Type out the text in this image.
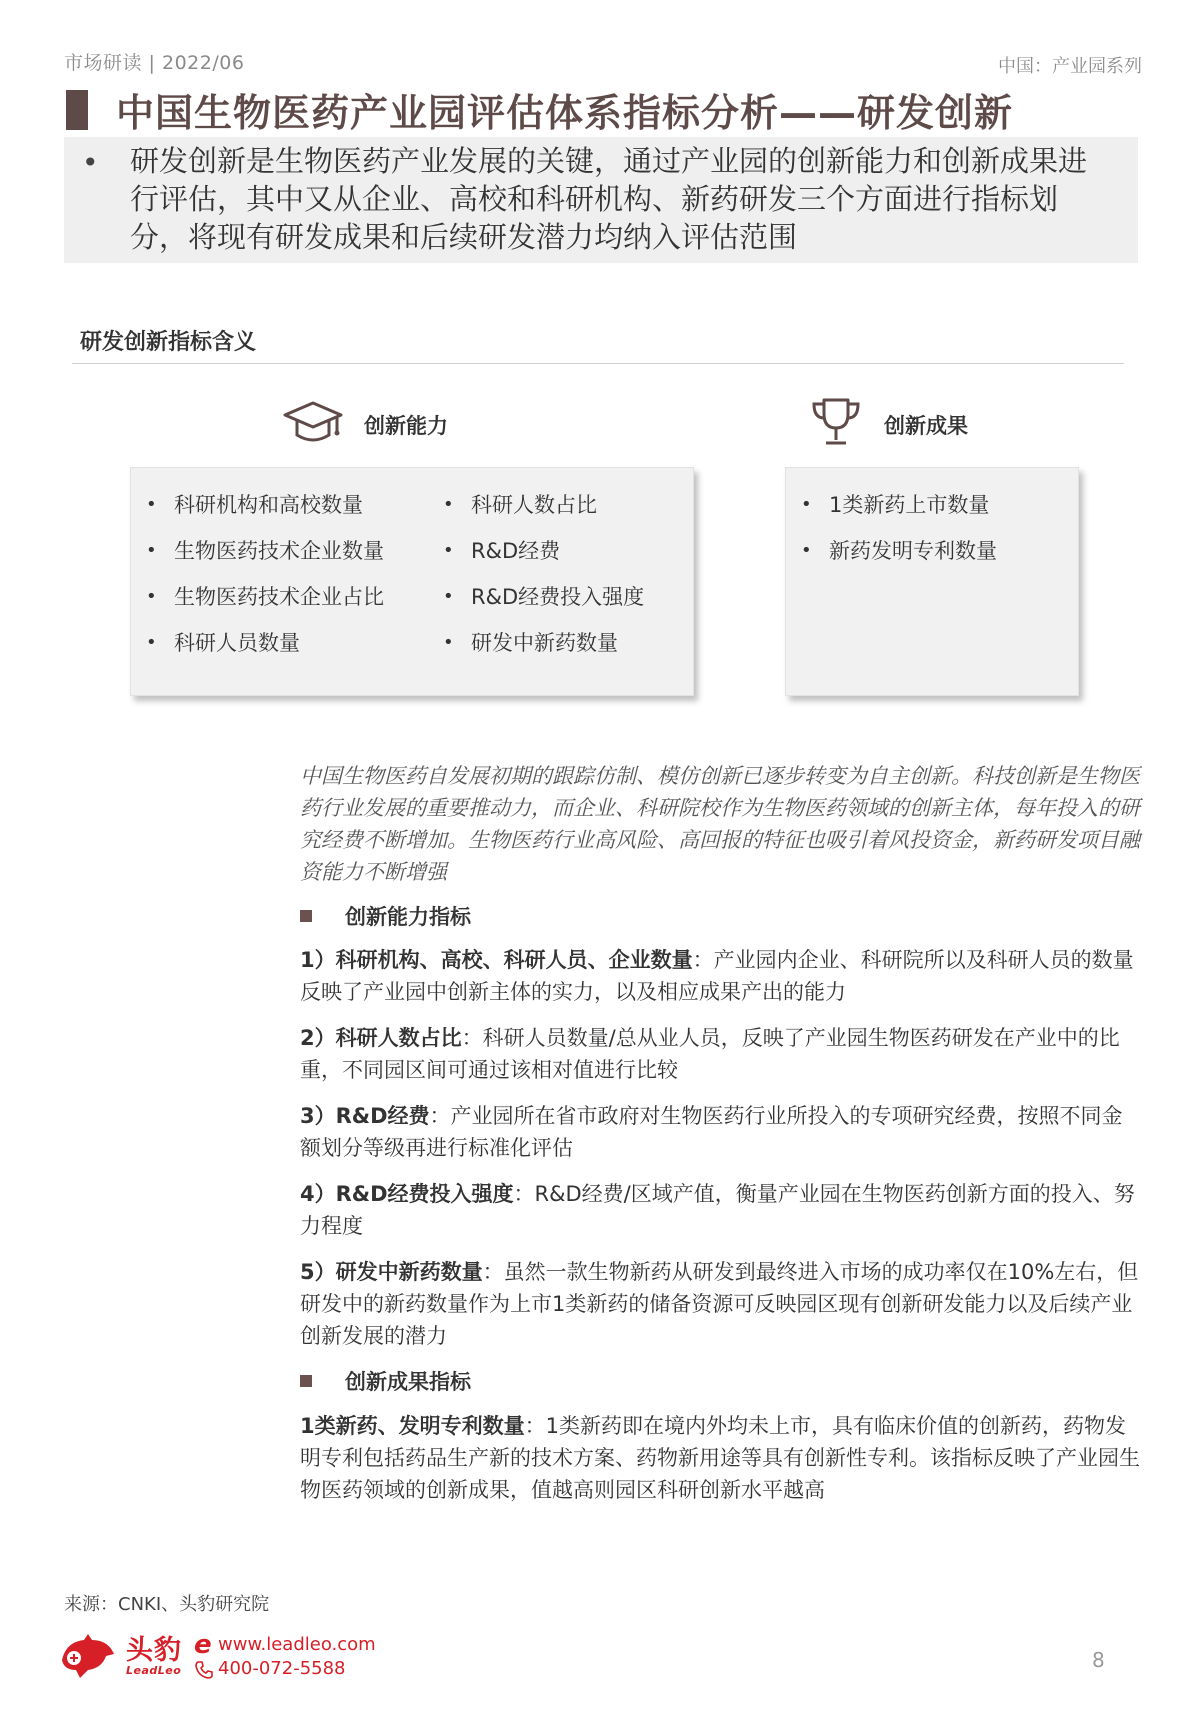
市场研读 | 2022/06	中国：产业园系列
中国生物医药产业园评估体系指标分析——研发创新
• 研发创新是生物医药产业发展的关键，通过产业园的创新能力和创新成果进行评估，其中又从企业、高校和科研机构、新药研发三个方面进行指标划分，将现有研发成果和后续研发潜力均纳入评估范围
研发创新指标含义
创新能力	创新成果
• 科研机构和高校数量
• 生物医药技术企业数量
• 生物医药技术企业占比
• 科研人员数量
• 科研人数占比
• R&D经费
• R&D经费投入强度
• 研发中新药数量
• 1类新药上市数量
• 新药发明专利数量
中国生物医药自发展初期的跟踪仿制、模仿创新已逐步转变为自主创新。科技创新是生物医药行业发展的重要推动力，而企业、科研院校作为生物医药领域的创新主体，每年投入的研究经费不断增加。生物医药行业高风险、高回报的特征也吸引着风投资金，新药研发项目融资能力不断增强
创新能力指标
1）科研机构、高校、科研人员、企业数量：产业园内企业、科研院所以及科研人员的数量反映了产业园中创新主体的实力，以及相应成果产出的能力
2）科研人数占比：科研人员数量/总从业人员，反映了产业园生物医药研发在产业中的比重，不同园区间可通过该相对值进行比较
3）R&D经费：产业园所在省市政府对生物医药行业所投入的专项研究经费，按照不同金额划分等级再进行标准化评估
4）R&D经费投入强度：R&D经费/区域产值，衡量产业园在生物医药创新方面的投入、努力程度
5）研发中新药数量：虽然一款生物新药从研发到最终进入市场的成功率仅在10%左右，但研发中的新药数量作为上市1类新药的储备资源可反映园区现有创新研发能力以及后续产业创新发展的潜力
创新成果指标
1类新药、发明专利数量：1类新药即在境内外均未上市，具有临床价值的创新药，药物发明专利包括药品生产新的技术方案、药物新用途等具有创新性专利。该指标反映了产业园生物医药领域的创新成果，值越高则园区科研创新水平越高
来源：CNKI、头豹研究院
头豹
LeadLeo
e www.leadleo.com
400-072-5588	8
